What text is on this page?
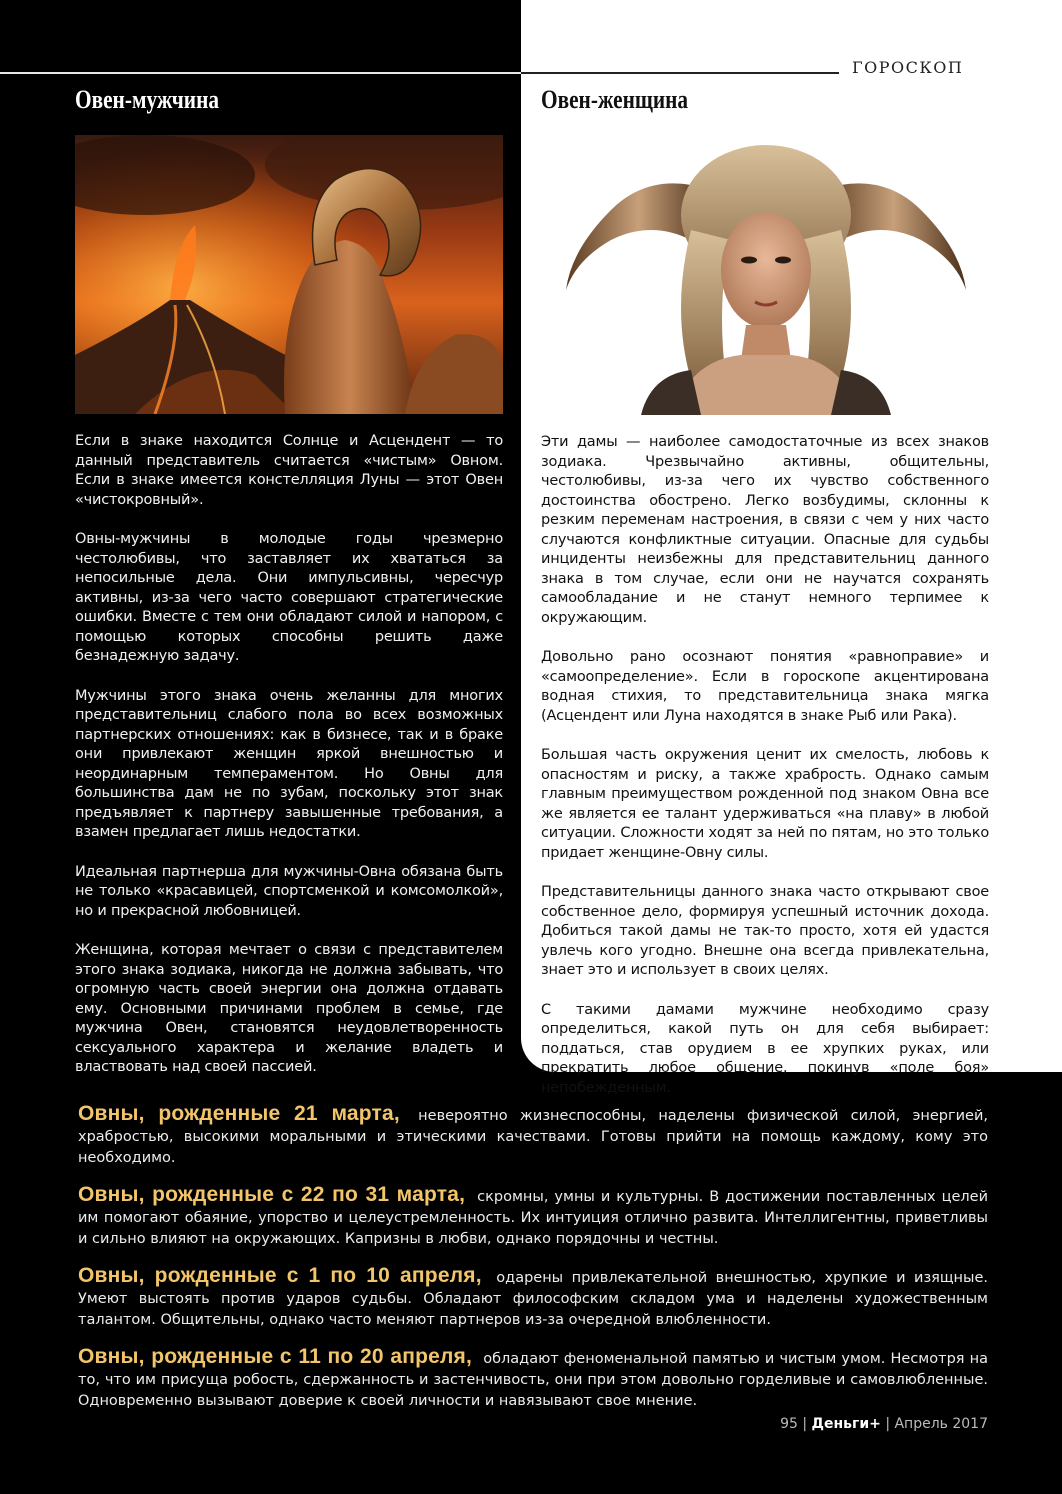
ГОРОСКОП
Овен-мужчина	Овен-женщина

Если в знаке находится Солнце и Асцендент — то данный представитель считается «чистым» Овном. Если в знаке имеется констелляция Луны — этот Овен «чистокровный».

Овны-мужчины в молодые годы чрезмерно честолюбивы, что заставляет их хвататься за непосильные дела. Они импульсивны, чересчур активны, из-за чего часто совершают стратегические ошибки. Вместе с тем они обладают силой и напором, с помощью которых способны решить даже безнадежную задачу.

Мужчины этого знака очень желанны для многих представительниц слабого пола во всех возможных партнерских отношениях: как в бизнесе, так и в браке они привлекают женщин яркой внешностью и неординарным темпераментом. Но Овны для большинства дам не по зубам, поскольку этот знак предъявляет к партнеру завышенные требования, а взамен предлагает лишь недостатки.

Идеальная партнерша для мужчины-Овна обязана быть не только «красавицей, спортсменкой и комсомолкой», но и прекрасной любовницей.

Женщина, которая мечтает о связи с представителем этого знака зодиака, никогда не должна забывать, что огромную часть своей энергии она должна отдавать ему. Основными причинами проблем в семье, где мужчина Овен, становятся неудовлетворенность сексуального характера и желание владеть и властвовать над своей пассией.

Эти дамы — наиболее самодостаточные из всех знаков зодиака. Чрезвычайно активны, общительны, честолюбивы, из-за чего их чувство собственного достоинства обострено. Легко возбудимы, склонны к резким переменам настроения, в связи с чем у них часто случаются конфликтные ситуации. Опасные для судьбы инциденты неизбежны для представительниц данного знака в том случае, если они не научатся сохранять самообладание и не станут немного терпимее к окружающим.

Довольно рано осознают понятия «равноправие» и «самоопределение». Если в гороскопе акцентирована водная стихия, то представительница знака мягка (Асцендент или Луна находятся в знаке Рыб или Рака).

Большая часть окружения ценит их смелость, любовь к опасностям и риску, а также храбрость. Однако самым главным преимуществом рожденной под знаком Овна все же является ее талант удерживаться «на плаву» в любой ситуации. Сложности ходят за ней по пятам, но это только придает женщине-Овну силы.

Представительницы данного знака часто открывают свое собственное дело, формируя успешный источник дохода. Добиться такой дамы не так-то просто, хотя ей удастся увлечь кого угодно. Внешне она всегда привлекательна, знает это и использует в своих целях.

С такими дамами мужчине необходимо сразу определиться, какой путь он для себя выбирает: поддаться, став орудием в ее хрупких руках, или прекратить любое общение, покинув «поле боя» непобежденным.

Овны, рожденные 21 марта, невероятно жизнеспособны, наделены физической силой, энергией, храбростью, высокими моральными и этическими качествами. Готовы прийти на помощь каждому, кому это необходимо.

Овны, рожденные с 22 по 31 марта, скромны, умны и культурны. В достижении поставленных целей им помогают обаяние, упорство и целеустремленность. Их интуиция отлично развита. Интеллигентны, приветливы и сильно влияют на окружающих. Капризны в любви, однако порядочны и честны.

Овны, рожденные с 1 по 10 апреля, одарены привлекательной внешностью, хрупкие и изящные. Умеют выстоять против ударов судьбы. Обладают философским складом ума и наделены художественным талантом. Общительны, однако часто меняют партнеров из-за очередной влюбленности.

Овны, рожденные с 11 по 20 апреля, обладают феноменальной памятью и чистым умом. Несмотря на то, что им присуща робость, сдержанность и застенчивость, они при этом довольно горделивые и самовлюбленные. Одновременно вызывают доверие к своей личности и навязывают свое мнение.

95 | Деньги+ | Апрель 2017
